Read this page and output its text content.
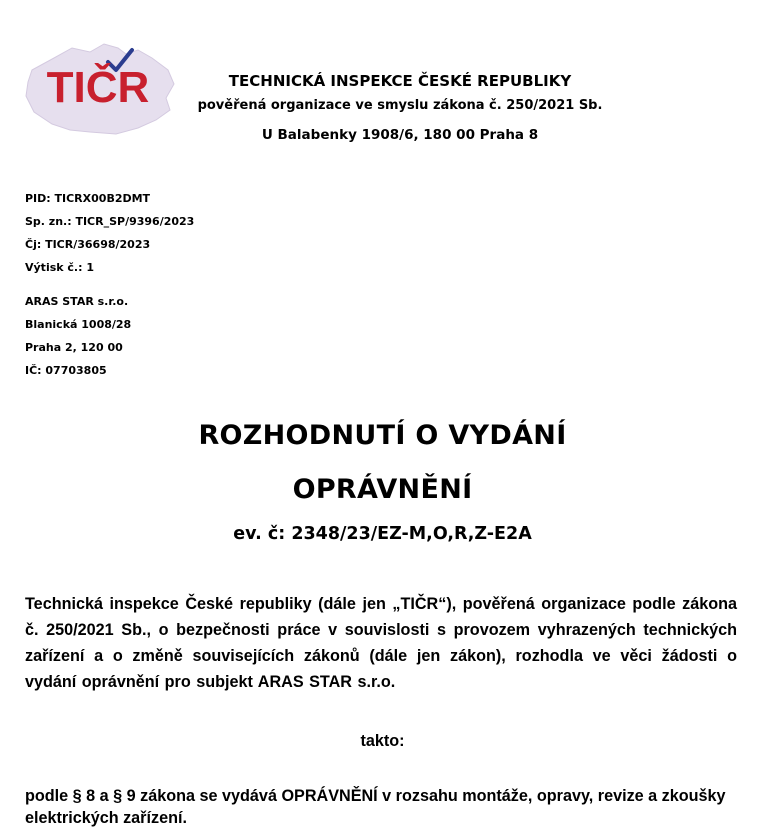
TIČR	TECHNICKÁ INSPEKCE ČESKÉ REPUBLIKY
pověřená organizace ve smyslu zákona č. 250/2021 Sb.
U Balabenky 1908/6, 180 00 Praha 8
PID: TICRX00B2DMT
Sp. zn.: TICR_SP/9396/2023
Čj: TICR/36698/2023
Výtisk č.: 1
ARAS STAR s.r.o.
Blanická 1008/28
Praha 2, 120 00
IČ: 07703805
ROZHODNUTÍ O VYDÁNÍ
OPRÁVNĚNÍ
ev. č: 2348/23/EZ-M,O,R,Z-E2A
Technická inspekce České republiky (dále jen „TIČR“), pověřená organizace podle zákona č. 250/2021 Sb., o bezpečnosti práce v souvislosti s provozem vyhrazených technických zařízení a o změně souvisejících zákonů (dále jen zákon), rozhodla ve věci žádosti o vydání oprávnění pro subjekt ARAS STAR s.r.o.
takto:
podle § 8 a § 9 zákona se vydává OPRÁVNĚNÍ v rozsahu montáže, opravy, revize a zkoušky elektrických zařízení.
